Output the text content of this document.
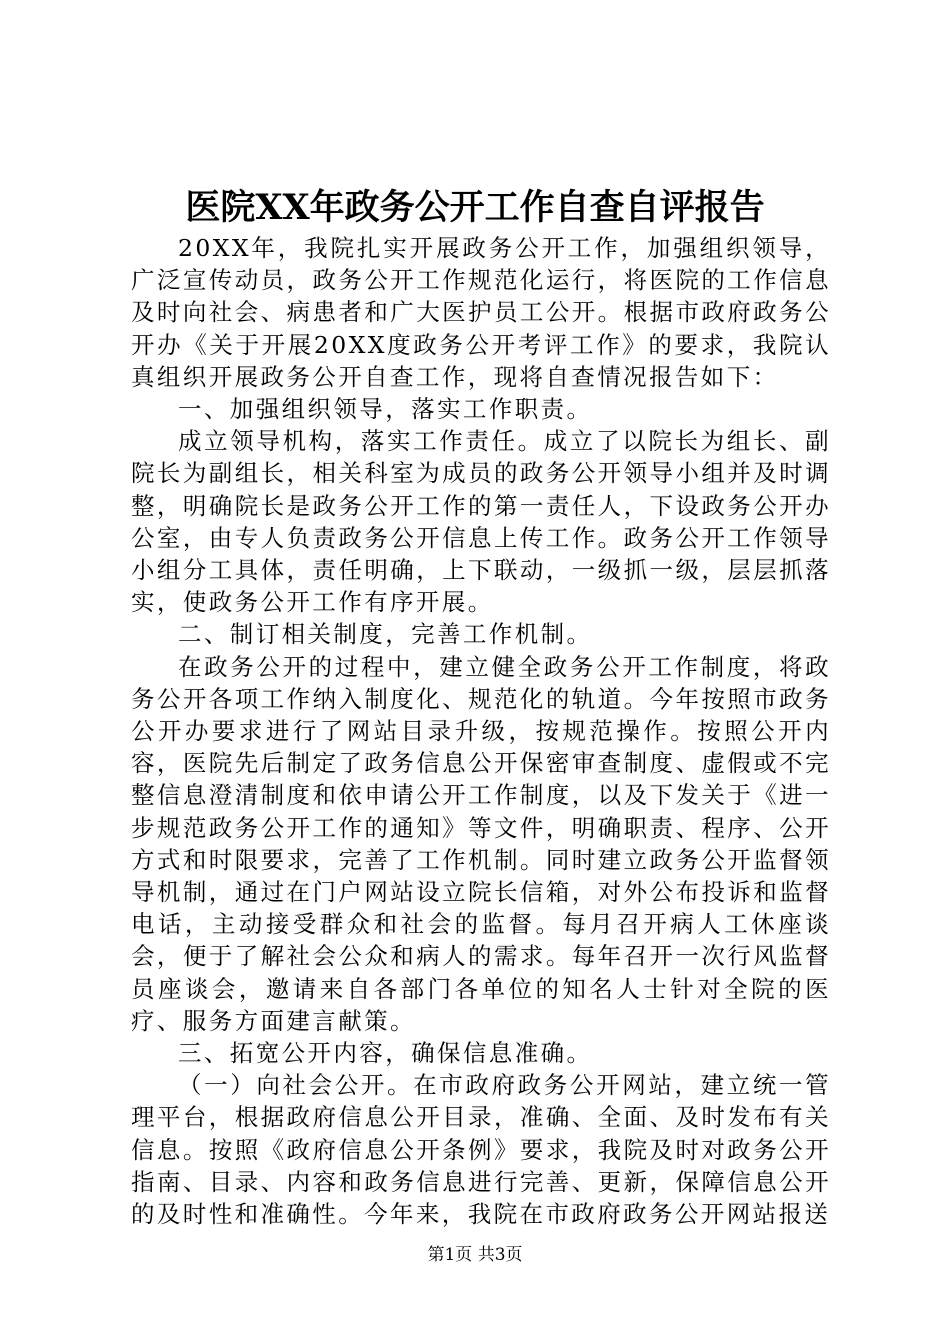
医院XX年政务公开工作自查自评报告

20XX年，我院扎实开展政务公开工作，加强组织领导，广泛宣传动员，政务公开工作规范化运行，将医院的工作信息及时向社会、病患者和广大医护员工公开。根据市政府政务公开办《关于开展20XX度政务公开考评工作》的要求，我院认真组织开展政务公开自查工作，现将自查情况报告如下：

一、加强组织领导，落实工作职责。

成立领导机构，落实工作责任。成立了以院长为组长、副院长为副组长，相关科室为成员的政务公开领导小组并及时调整，明确院长是政务公开工作的第一责任人，下设政务公开办公室，由专人负责政务公开信息上传工作。政务公开工作领导小组分工具体，责任明确，上下联动，一级抓一级，层层抓落实，使政务公开工作有序开展。

二、制订相关制度，完善工作机制。

在政务公开的过程中，建立健全政务公开工作制度，将政务公开各项工作纳入制度化、规范化的轨道。今年按照市政务公开办要求进行了网站目录升级，按规范操作。按照公开内容，医院先后制定了政务信息公开保密审查制度、虚假或不完整信息澄清制度和依申请公开工作制度，以及下发关于《进一步规范政务公开工作的通知》等文件，明确职责、程序、公开方式和时限要求，完善了工作机制。同时建立政务公开监督领导机制，通过在门户网站设立院长信箱，对外公布投诉和监督电话，主动接受群众和社会的监督。每月召开病人工休座谈会，便于了解社会公众和病人的需求。每年召开一次行风监督员座谈会，邀请来自各部门各单位的知名人士针对全院的医疗、服务方面建言献策。

三、拓宽公开内容，确保信息准确。

（一）向社会公开。在市政府政务公开网站，建立统一管理平台，根据政府信息公开目录，准确、全面、及时发布有关信息。按照《政府信息公开条例》要求，我院及时对政务公开指南、目录、内容和政务信息进行完善、更新，保障信息公开的及时性和准确性。今年来，我院在市政府政务公开网站报送

第1页 共3页
